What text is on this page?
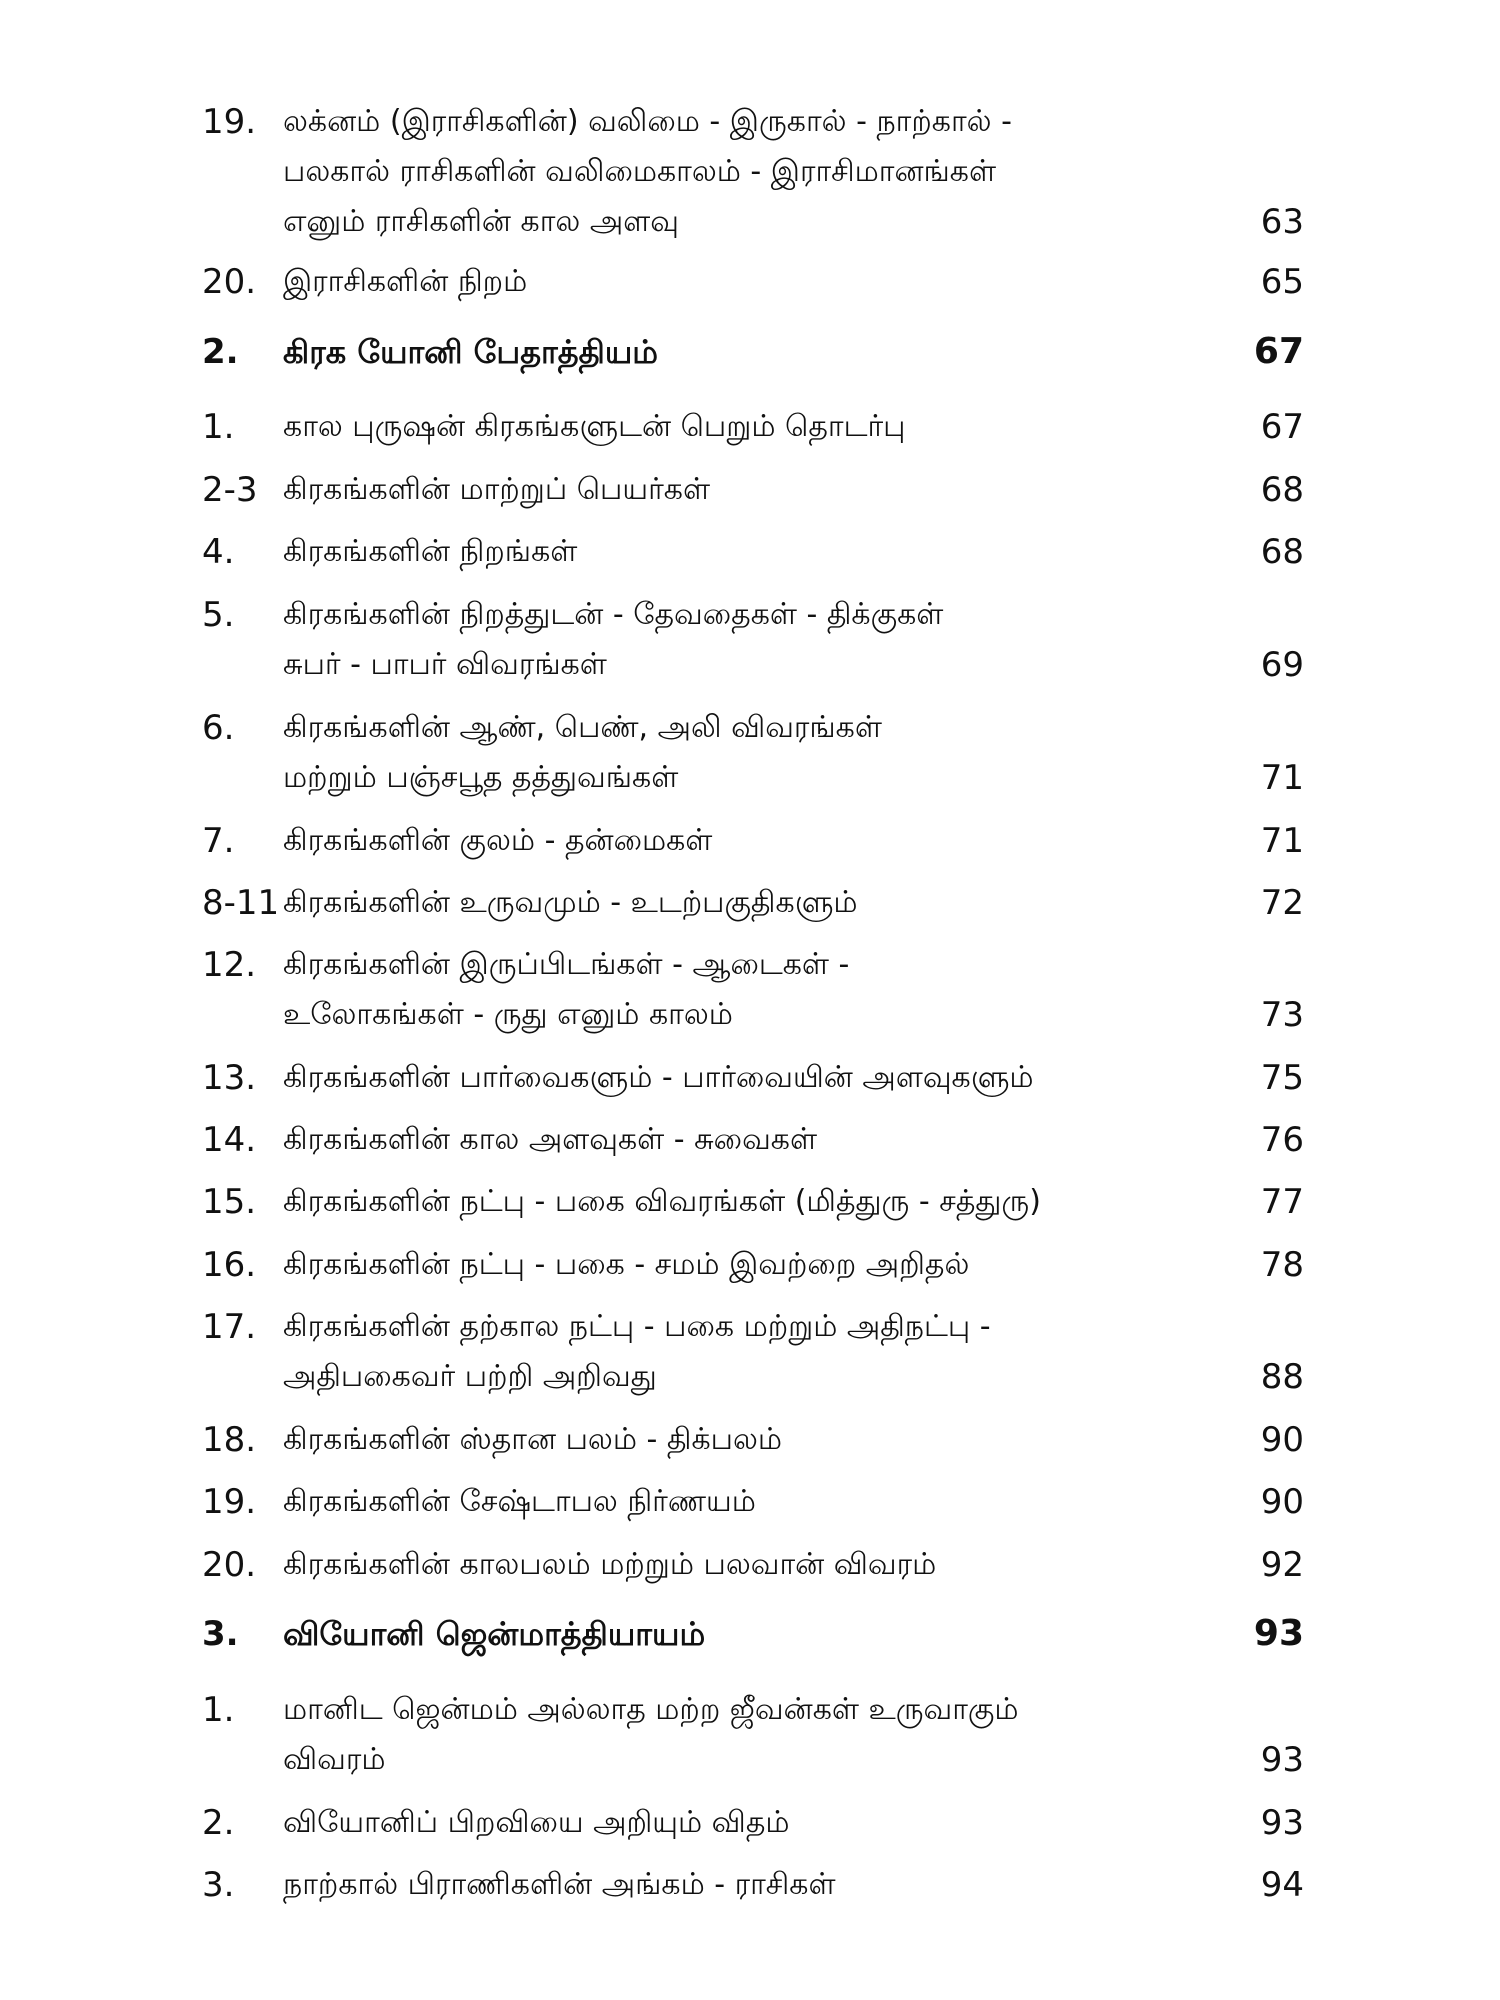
19. லக்னம் (இராசிகளின்) வலிமை - இருகால் - நாற்கால் -
பலகால் ராசிகளின் வலிமைகாலம் - இராசிமானங்கள்
எனும் ராசிகளின் கால அளவு	63
20. இராசிகளின் நிறம்	65
2. கிரக யோனி பேதாத்தியம்	67
1. கால புருஷன் கிரகங்களுடன் பெறும் தொடர்பு	67
2-3 கிரகங்களின் மாற்றுப் பெயர்கள்	68
4. கிரகங்களின் நிறங்கள்	68
5. கிரகங்களின் நிறத்துடன் - தேவதைகள் - திக்குகள்
சுபர் - பாபர் விவரங்கள்	69
6. கிரகங்களின் ஆண், பெண், அலி விவரங்கள்
மற்றும் பஞ்சபூத தத்துவங்கள்	71
7. கிரகங்களின் குலம் - தன்மைகள்	71
8-11 கிரகங்களின் உருவமும் - உடற்பகுதிகளும்	72
12. கிரகங்களின் இருப்பிடங்கள் - ஆடைகள் -
உலோகங்கள் - ருது எனும் காலம்	73
13. கிரகங்களின் பார்வைகளும் - பார்வையின் அளவுகளும்	75
14. கிரகங்களின் கால அளவுகள் - சுவைகள்	76
15. கிரகங்களின் நட்பு - பகை விவரங்கள் (மித்துரு - சத்துரு)	77
16. கிரகங்களின் நட்பு - பகை - சமம் இவற்றை அறிதல்	78
17. கிரகங்களின் தற்கால நட்பு - பகை மற்றும் அதிநட்பு -
அதிபகைவர் பற்றி அறிவது	88
18. கிரகங்களின் ஸ்தான பலம் - திக்பலம்	90
19. கிரகங்களின் சேஷ்டாபல நிர்ணயம்	90
20. கிரகங்களின் காலபலம் மற்றும் பலவான் விவரம்	92
3. வியோனி ஜென்மாத்தியாயம்	93
1. மானிட ஜென்மம் அல்லாத மற்ற ஜீவன்கள் உருவாகும்
விவரம்	93
2. வியோனிப் பிறவியை அறியும் விதம்	93
3. நாற்கால் பிராணிகளின் அங்கம் - ராசிகள்	94
